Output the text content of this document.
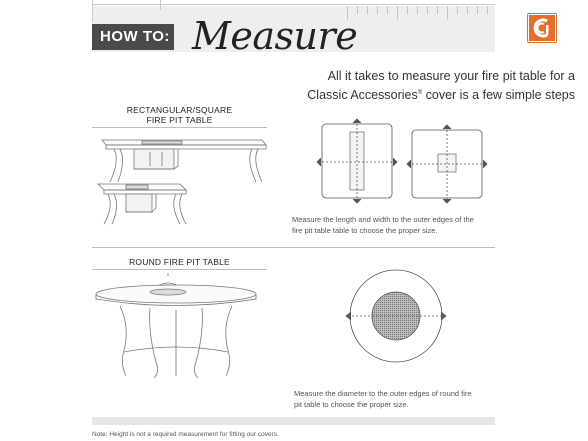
HOW TO: Measure
All it takes to measure your fire pit table for a
Classic Accessories® cover is a few simple steps
RECTANGULAR/SQUARE
FIRE PIT TABLE
Measure the length and width to the outer edges of the
fire pit table table to choose the proper size.
ROUND FIRE PIT TABLE
Measure the diameter to the outer edges of round fire
pit table to choose the proper size.
Note: Height is not a required measurement for fitting our covers.
